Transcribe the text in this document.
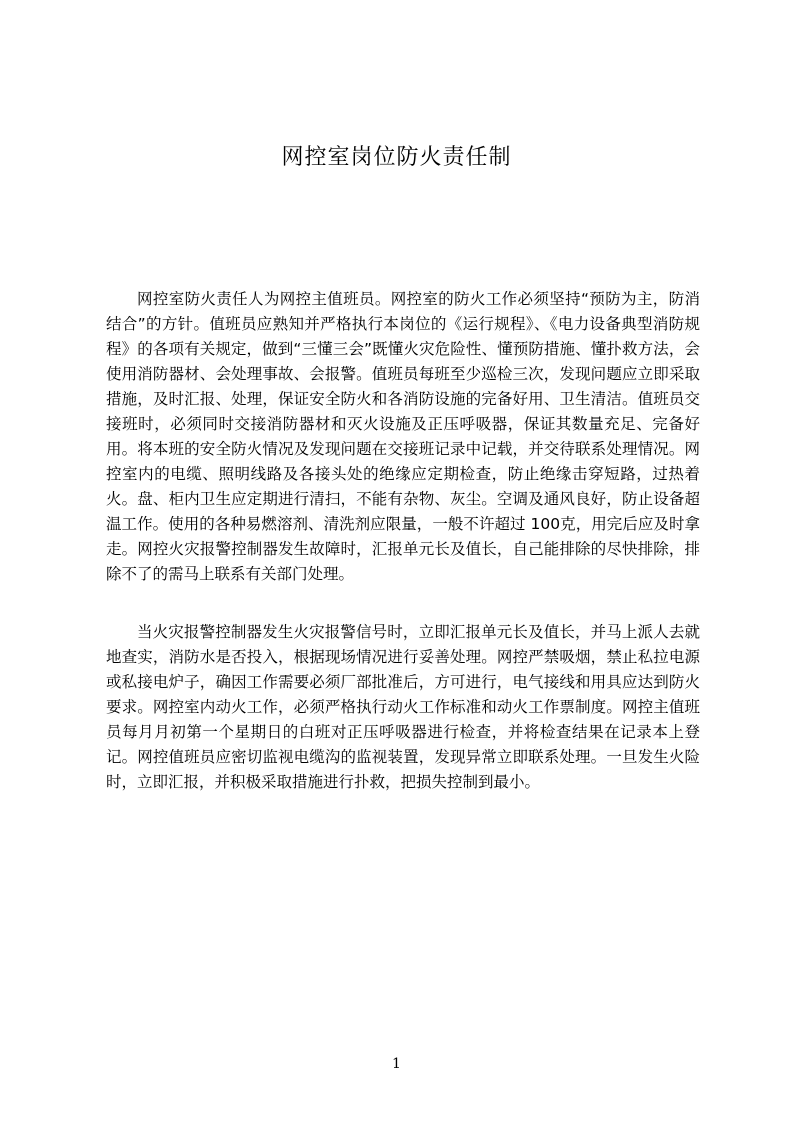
网控室岗位防火责任制

网控室防火责任人为网控主值班员。网控室的防火工作必须坚持“预防为主，防消结合”的方针。值班员应熟知并严格执行本岗位的《运行规程》、《电力设备典型消防规程》的各项有关规定，做到“三懂三会”既懂火灾危险性、懂预防措施、懂扑救方法，会使用消防器材、会处理事故、会报警。值班员每班至少巡检三次，发现问题应立即采取措施，及时汇报、处理，保证安全防火和各消防设施的完备好用、卫生清洁。值班员交接班时，必须同时交接消防器材和灭火设施及正压呼吸器，保证其数量充足、完备好用。将本班的安全防火情况及发现问题在交接班记录中记载，并交待联系处理情况。网控室内的电缆、照明线路及各接头处的绝缘应定期检查，防止绝缘击穿短路，过热着火。盘、柜内卫生应定期进行清扫，不能有杂物、灰尘。空调及通风良好，防止设备超温工作。使用的各种易燃溶剂、清洗剂应限量，一般不许超过 100克，用完后应及时拿走。网控火灾报警控制器发生故障时，汇报单元长及值长，自己能排除的尽快排除，排除不了的需马上联系有关部门处理。

当火灾报警控制器发生火灾报警信号时，立即汇报单元长及值长，并马上派人去就地查实，消防水是否投入，根据现场情况进行妥善处理。网控严禁吸烟，禁止私拉电源或私接电炉子，确因工作需要必须厂部批准后，方可进行，电气接线和用具应达到防火要求。网控室内动火工作，必须严格执行动火工作标准和动火工作票制度。网控主值班员每月月初第一个星期日的白班对正压呼吸器进行检查，并将检查结果在记录本上登记。网控值班员应密切监视电缆沟的监视装置，发现异常立即联系处理。一旦发生火险时，立即汇报，并积极采取措施进行扑救，把损失控制到最小。

1
